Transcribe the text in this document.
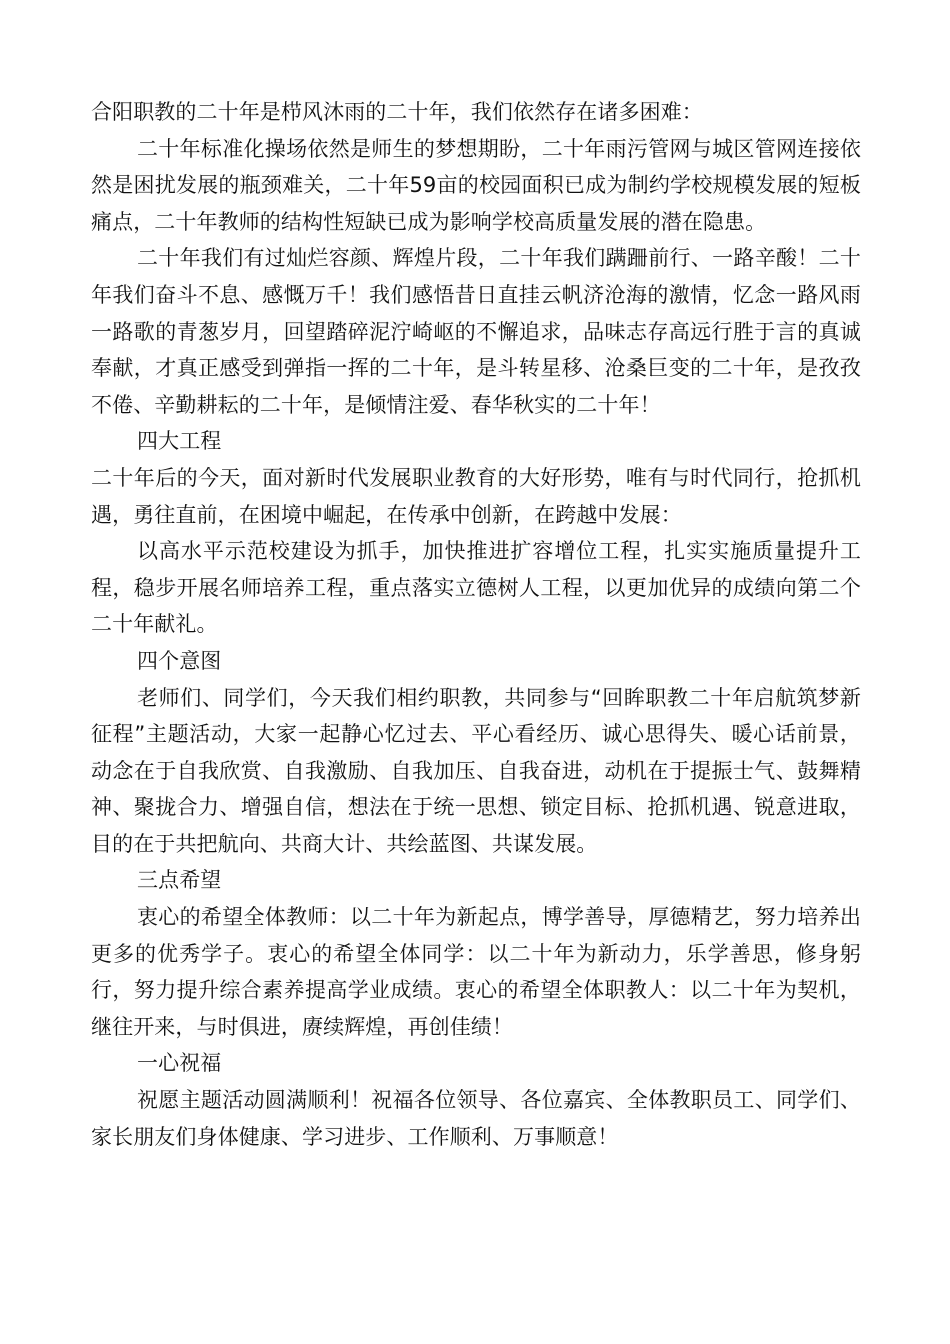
合阳职教的二十年是栉风沐雨的二十年，我们依然存在诸多困难：

二十年标准化操场依然是师生的梦想期盼，二十年雨污管网与城区管网连接依然是困扰发展的瓶颈难关，二十年59亩的校园面积已成为制约学校规模发展的短板痛点，二十年教师的结构性短缺已成为影响学校高质量发展的潜在隐患。

二十年我们有过灿烂容颜、辉煌片段，二十年我们蹒跚前行、一路辛酸！二十年我们奋斗不息、感慨万千！我们感悟昔日直挂云帆济沧海的激情，忆念一路风雨一路歌的青葱岁月，回望踏碎泥泞崎岖的不懈追求，品味志存高远行胜于言的真诚奉献，才真正感受到弹指一挥的二十年，是斗转星移、沧桑巨变的二十年，是孜孜不倦、辛勤耕耘的二十年，是倾情注爱、春华秋实的二十年！

四大工程

二十年后的今天，面对新时代发展职业教育的大好形势，唯有与时代同行，抢抓机遇，勇往直前，在困境中崛起，在传承中创新，在跨越中发展：

以高水平示范校建设为抓手，加快推进扩容增位工程，扎实实施质量提升工程，稳步开展名师培养工程，重点落实立德树人工程，以更加优异的成绩向第二个二十年献礼。

四个意图

老师们、同学们，今天我们相约职教，共同参与“回眸职教二十年启航筑梦新征程”主题活动，大家一起静心忆过去、平心看经历、诚心思得失、暖心话前景，动念在于自我欣赏、自我激励、自我加压、自我奋进，动机在于提振士气、鼓舞精神、聚拢合力、增强自信，想法在于统一思想、锁定目标、抢抓机遇、锐意进取，目的在于共把航向、共商大计、共绘蓝图、共谋发展。

三点希望

衷心的希望全体教师：以二十年为新起点，博学善导，厚德精艺，努力培养出更多的优秀学子。衷心的希望全体同学：以二十年为新动力，乐学善思，修身躬行，努力提升综合素养提高学业成绩。衷心的希望全体职教人：以二十年为契机，继往开来，与时俱进，赓续辉煌，再创佳绩！

一心祝福

祝愿主题活动圆满顺利！祝福各位领导、各位嘉宾、全体教职员工、同学们、家长朋友们身体健康、学习进步、工作顺利、万事顺意！
